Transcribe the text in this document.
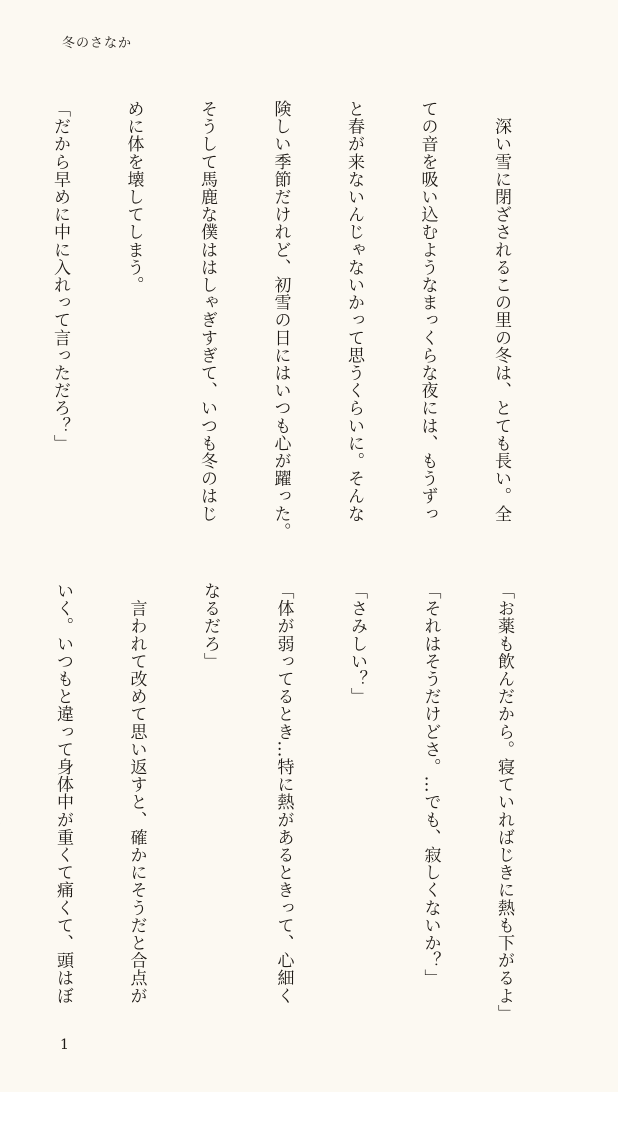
冬のさなか

　深い雪に閉ざされるこの里の冬は、とても長い。全

ての音を吸い込むようなまっくらな夜には、もうずっ

と春が来ないんじゃないかって思うくらいに。そんな

険しい季節だけれど、初雪の日にはいつも心が躍った。

そうして馬鹿な僕ははしゃぎすぎて、いつも冬のはじ

めに体を壊してしまう。

「だから早めに中に入れって言っただろ？」

「お薬も飲んだから。寝ていればじきに熱も下がるよ」

「それはそうだけどさ。…でも、寂しくないか？」

「さみしい？」

「体が弱ってるとき…特に熱があるときって、心細く

なるだろ」

　言われて改めて思い返すと、確かにそうだと合点が

いく。いつもと違って身体中が重くて痛くて、頭はぼ

1
